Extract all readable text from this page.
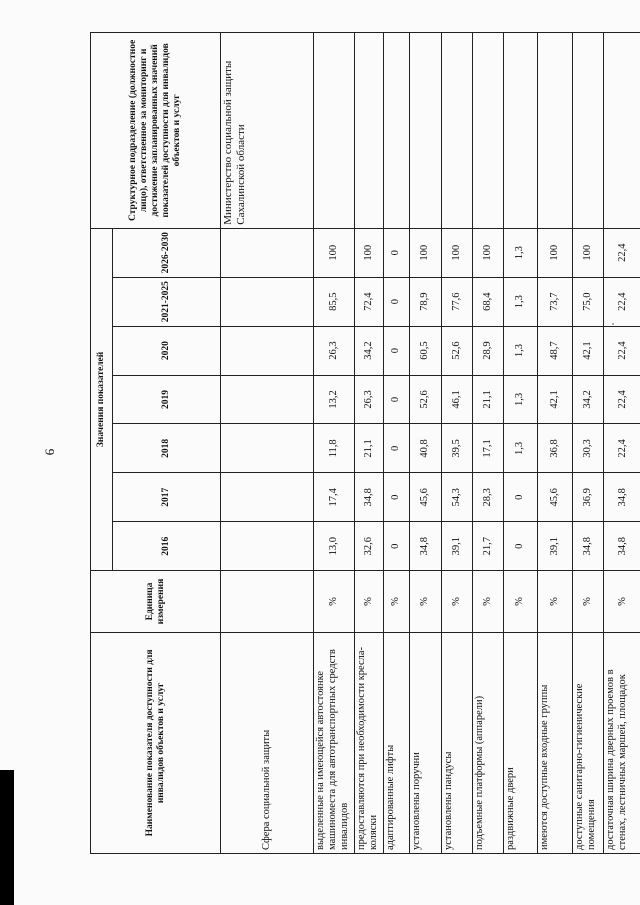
9
Наименование показателя доступности для инвалидов объектов и услуг	Единица измерения	Значения показателей							Структурное подразделение (должностное лицо), ответственное за мониторинг и достижение запланированных значений показателей доступности для инвалидов объектов и услуг
		2016	2017	2018	2019	2020	2021-2025	2026-2030	
Сфера социальной защиты									Министерство социальной защиты Сахалинской области
выделенные на имеющейся автостоянке машиноместа для автотранспортных средств инвалидов	%	13,0	17,4	11,8	13,2	26,3	85,5	100	
предоставляются при необходимости кресла-коляски	%	32,6	34,8	21,1	26,3	34,2	72,4	100	
адаптированные лифты	%	0	0	0	0	0	0	0	
установлены поручни	%	34,8	45,6	40,8	52,6	60,5	78,9	100	
установлены пандусы	%	39,1	54,3	39,5	46,1	52,6	77,6	100	
подъемные платформы (аппарели)	%	21,7	28,3	17,1	21,1	28,9	68,4	100	
раздвижные двери	%	0	0	1,3	1,3	1,3	1,3	1,3	
имеются доступные входные группы	%	39,1	45,6	36,8	42,1	48,7	73,7	100	
доступные санитарно-гигиенические помещения	%	34,8	36,9	30,3	34,2	42,1	75,0	100	
достаточная ширина дверных проемов в стенах, лестничных маршей, площадок	%	34,8	34,8	22,4	22,4	22,4	22,4	22,4	
